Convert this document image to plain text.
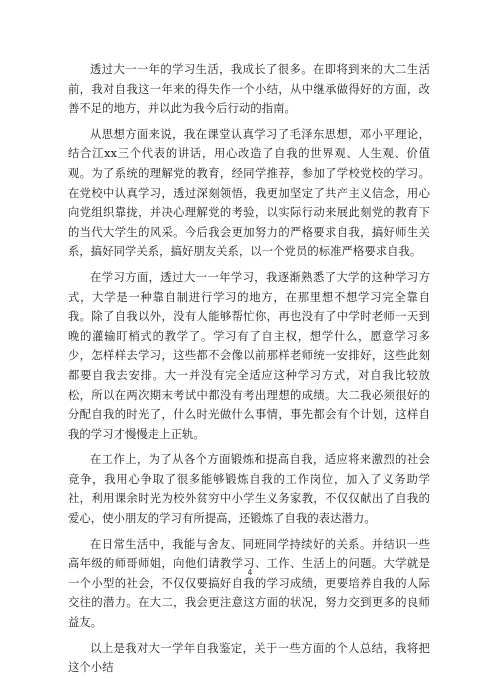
透过大一一年的学习生活，我成长了很多。在即将到来的大二生活前，我对自我这一年来的得失作一个小结，从中继承做得好的方面，改善不足的地方，并以此为我今后行动的指南。

从思想方面来说，我在课堂认真学习了毛泽东思想，邓小平理论，结合江xx三个代表的讲话，用心改造了自我的世界观、人生观、价值观。为了系统的理解党的教育，经同学推荐，参加了学校党校的学习。在党校中认真学习，透过深刻领悟，我更加坚定了共产主义信念，用心向党组织靠拢，并决心理解党的考验，以实际行动来展此刻党的教育下的当代大学生的风采。今后我会更加努力的严格要求自我，搞好师生关系，搞好同学关系，搞好朋友关系，以一个党员的标准严格要求自我。

在学习方面，透过大一一年学习，我逐渐熟悉了大学的这种学习方式，大学是一种靠自制进行学习的地方，在那里想不想学习完全靠自我。除了自我以外，没有人能够帮忙你，再也没有了中学时老师一天到晚的灌输盯梢式的教学了。学习有了自主权，想学什么，愿意学习多少，怎样样去学习，这些都不会像以前那样老师统一安排好，这些此刻都要自我去安排。大一并没有完全适应这种学习方式，对自我比较放松，所以在两次期末考试中都没有考出理想的成绩。大二我必须很好的分配自我的时光了，什么时光做什么事情，事先都会有个计划，这样自我的学习才慢慢走上正轨。

在工作上，为了从各个方面锻炼和提高自我，适应将来激烈的社会竞争，我用心争取了很多能够锻炼自我的工作岗位，加入了义务助学社，利用课余时光为校外贫穷中小学生义务家教，不仅仅献出了自我的爱心，使小朋友的学习有所提高，还锻炼了自我的表达潜力。

在日常生活中，我能与舍友、同班同学持续好的关系。并结识一些高年级的师哥师姐，向他们请教学习、工作、生活上的问题。大学就是一个小型的社会，不仅仅要搞好自我的学习成绩，更要培养自我的人际交往的潜力。在大二，我会更注意这方面的状况，努力交到更多的良师益友。

以上是我对大一学年自我鉴定，关于一些方面的个人总结，我将把这个小结

4
